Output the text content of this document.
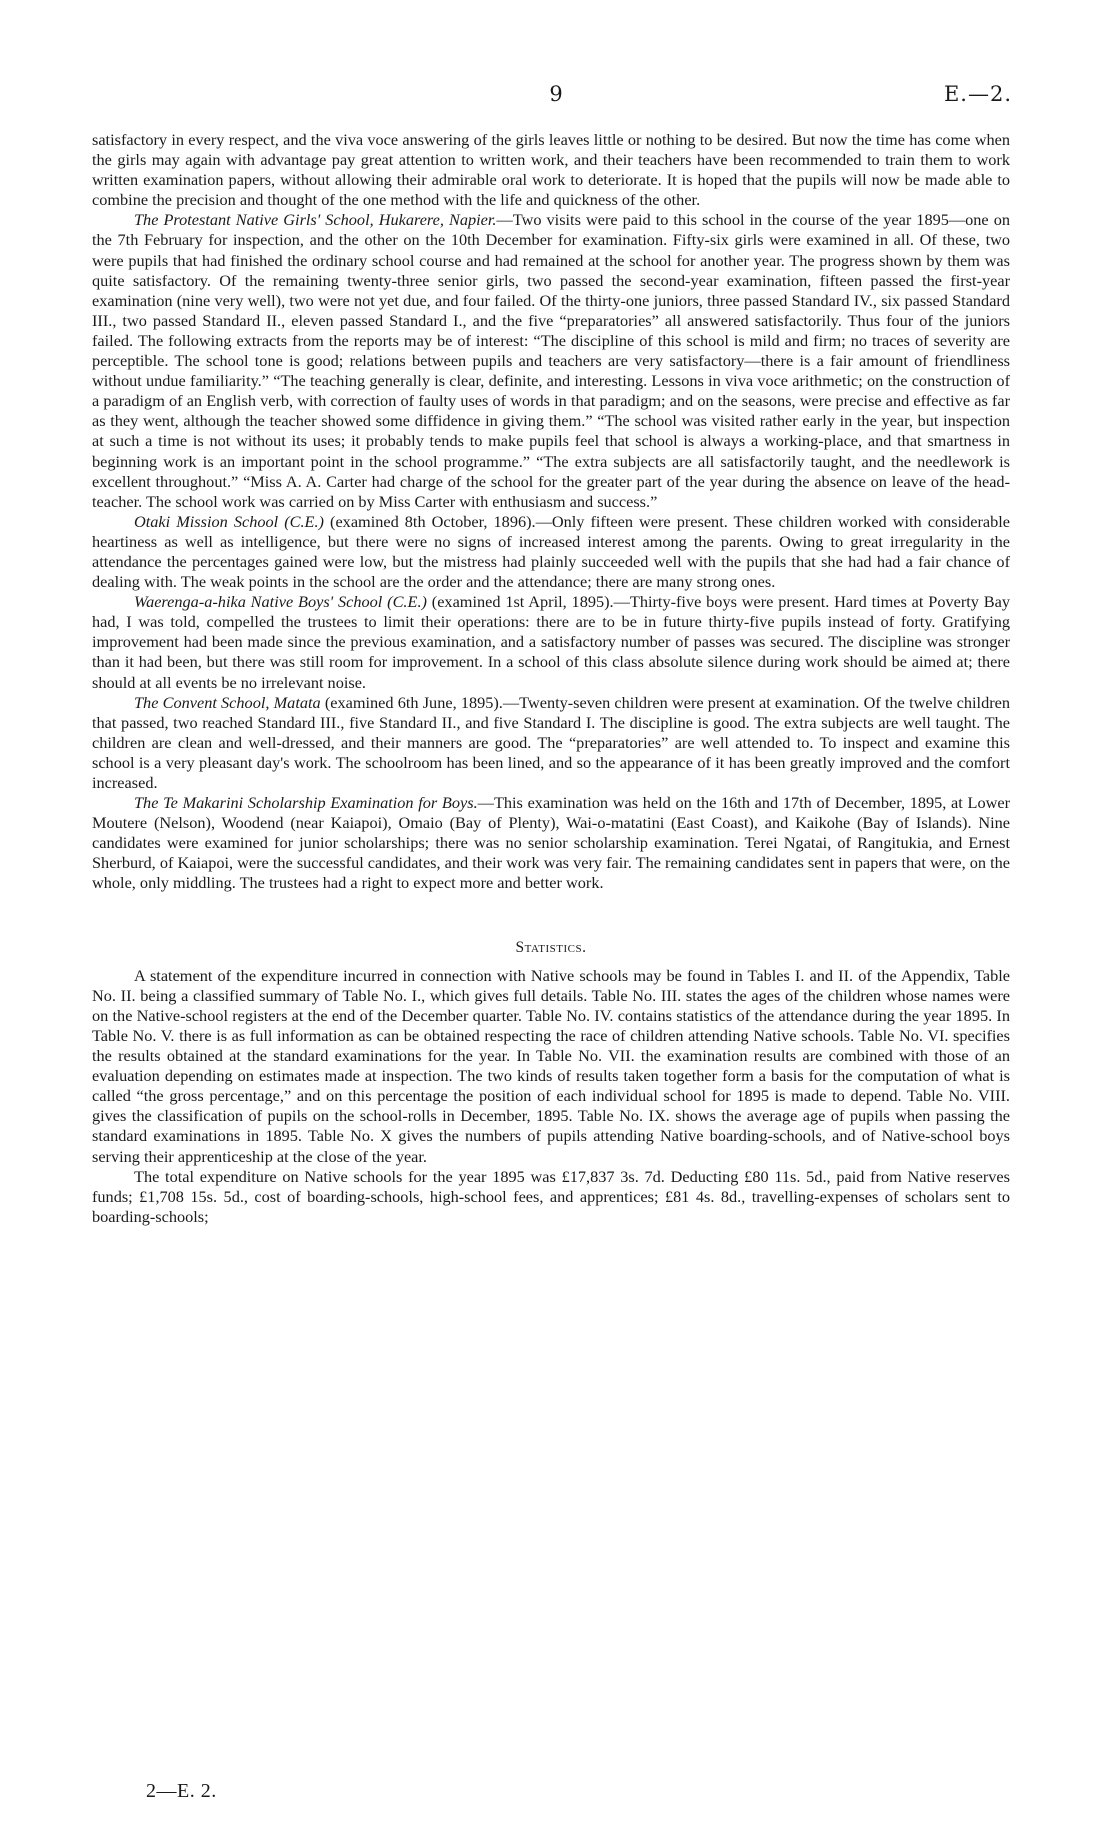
9	E.—2.

satisfactory in every respect, and the viva voce answering of the girls leaves little or nothing to be desired. But now the time has come when the girls may again with advantage pay great attention to written work, and their teachers have been recommended to train them to work written examination papers, without allowing their admirable oral work to deteriorate. It is hoped that the pupils will now be made able to combine the precision and thought of the one method with the life and quickness of the other.

The Protestant Native Girls' School, Hukarere, Napier.—Two visits were paid to this school in the course of the year 1895—one on the 7th February for inspection, and the other on the 10th December for examination. Fifty-six girls were examined in all. Of these, two were pupils that had finished the ordinary school course and had remained at the school for another year. The progress shown by them was quite satisfactory. Of the remaining twenty-three senior girls, two passed the second-year examination, fifteen passed the first-year examination (nine very well), two were not yet due, and four failed. Of the thirty-one juniors, three passed Standard IV., six passed Standard III., two passed Standard II., eleven passed Standard I., and the five “preparatories” all answered satisfactorily. Thus four of the juniors failed. The following extracts from the reports may be of interest: “The discipline of this school is mild and firm; no traces of severity are perceptible. The school tone is good; relations between pupils and teachers are very satisfactory—there is a fair amount of friendliness without undue familiarity.” “The teaching generally is clear, definite, and interesting. Lessons in viva voce arithmetic; on the construction of a paradigm of an English verb, with correction of faulty uses of words in that paradigm; and on the seasons, were precise and effective as far as they went, although the teacher showed some diffidence in giving them.” “The school was visited rather early in the year, but inspection at such a time is not without its uses; it probably tends to make pupils feel that school is always a working-place, and that smartness in beginning work is an important point in the school programme.” “The extra subjects are all satisfactorily taught, and the needlework is excellent throughout.” “Miss A. A. Carter had charge of the school for the greater part of the year during the absence on leave of the head-teacher. The school work was carried on by Miss Carter with enthusiasm and success.”

Otaki Mission School (C.E.) (examined 8th October, 1896).—Only fifteen were present. These children worked with considerable heartiness as well as intelligence, but there were no signs of increased interest among the parents. Owing to great irregularity in the attendance the percentages gained were low, but the mistress had plainly succeeded well with the pupils that she had had a fair chance of dealing with. The weak points in the school are the order and the attendance; there are many strong ones.

Waerenga-a-hika Native Boys' School (C.E.) (examined 1st April, 1895).—Thirty-five boys were present. Hard times at Poverty Bay had, I was told, compelled the trustees to limit their operations: there are to be in future thirty-five pupils instead of forty. Gratifying improvement had been made since the previous examination, and a satisfactory number of passes was secured. The discipline was stronger than it had been, but there was still room for improvement. In a school of this class absolute silence during work should be aimed at; there should at all events be no irrelevant noise.

The Convent School, Matata (examined 6th June, 1895).—Twenty-seven children were present at examination. Of the twelve children that passed, two reached Standard III., five Standard II., and five Standard I. The discipline is good. The extra subjects are well taught. The children are clean and well-dressed, and their manners are good. The “preparatories” are well attended to. To inspect and examine this school is a very pleasant day's work. The schoolroom has been lined, and so the appearance of it has been greatly improved and the comfort increased.

The Te Makarini Scholarship Examination for Boys.—This examination was held on the 16th and 17th of December, 1895, at Lower Moutere (Nelson), Woodend (near Kaiapoi), Omaio (Bay of Plenty), Wai-o-matatini (East Coast), and Kaikohe (Bay of Islands). Nine candidates were examined for junior scholarships; there was no senior scholarship examination. Terei Ngatai, of Rangitukia, and Ernest Sherburd, of Kaiapoi, were the successful candidates, and their work was very fair. The remaining candidates sent in papers that were, on the whole, only middling. The trustees had a right to expect more and better work.

Statistics.

A statement of the expenditure incurred in connection with Native schools may be found in Tables I. and II. of the Appendix, Table No. II. being a classified summary of Table No. I., which gives full details. Table No. III. states the ages of the children whose names were on the Native-school registers at the end of the December quarter. Table No. IV. contains statistics of the attendance during the year 1895. In Table No. V. there is as full information as can be obtained respecting the race of children attending Native schools. Table No. VI. specifies the results obtained at the standard examinations for the year. In Table No. VII. the examination results are combined with those of an evaluation depending on estimates made at inspection. The two kinds of results taken together form a basis for the computation of what is called “the gross percentage,” and on this percentage the position of each individual school for 1895 is made to depend. Table No. VIII. gives the classification of pupils on the school-rolls in December, 1895. Table No. IX. shows the average age of pupils when passing the standard examinations in 1895. Table No. X gives the numbers of pupils attending Native boarding-schools, and of Native-school boys serving their apprenticeship at the close of the year.

The total expenditure on Native schools for the year 1895 was £17,837 3s. 7d. Deducting £80 11s. 5d., paid from Native reserves funds; £1,708 15s. 5d., cost of boarding-schools, high-school fees, and apprentices; £81 4s. 8d., travelling-expenses of scholars sent to boarding-schools;

2—E. 2.
